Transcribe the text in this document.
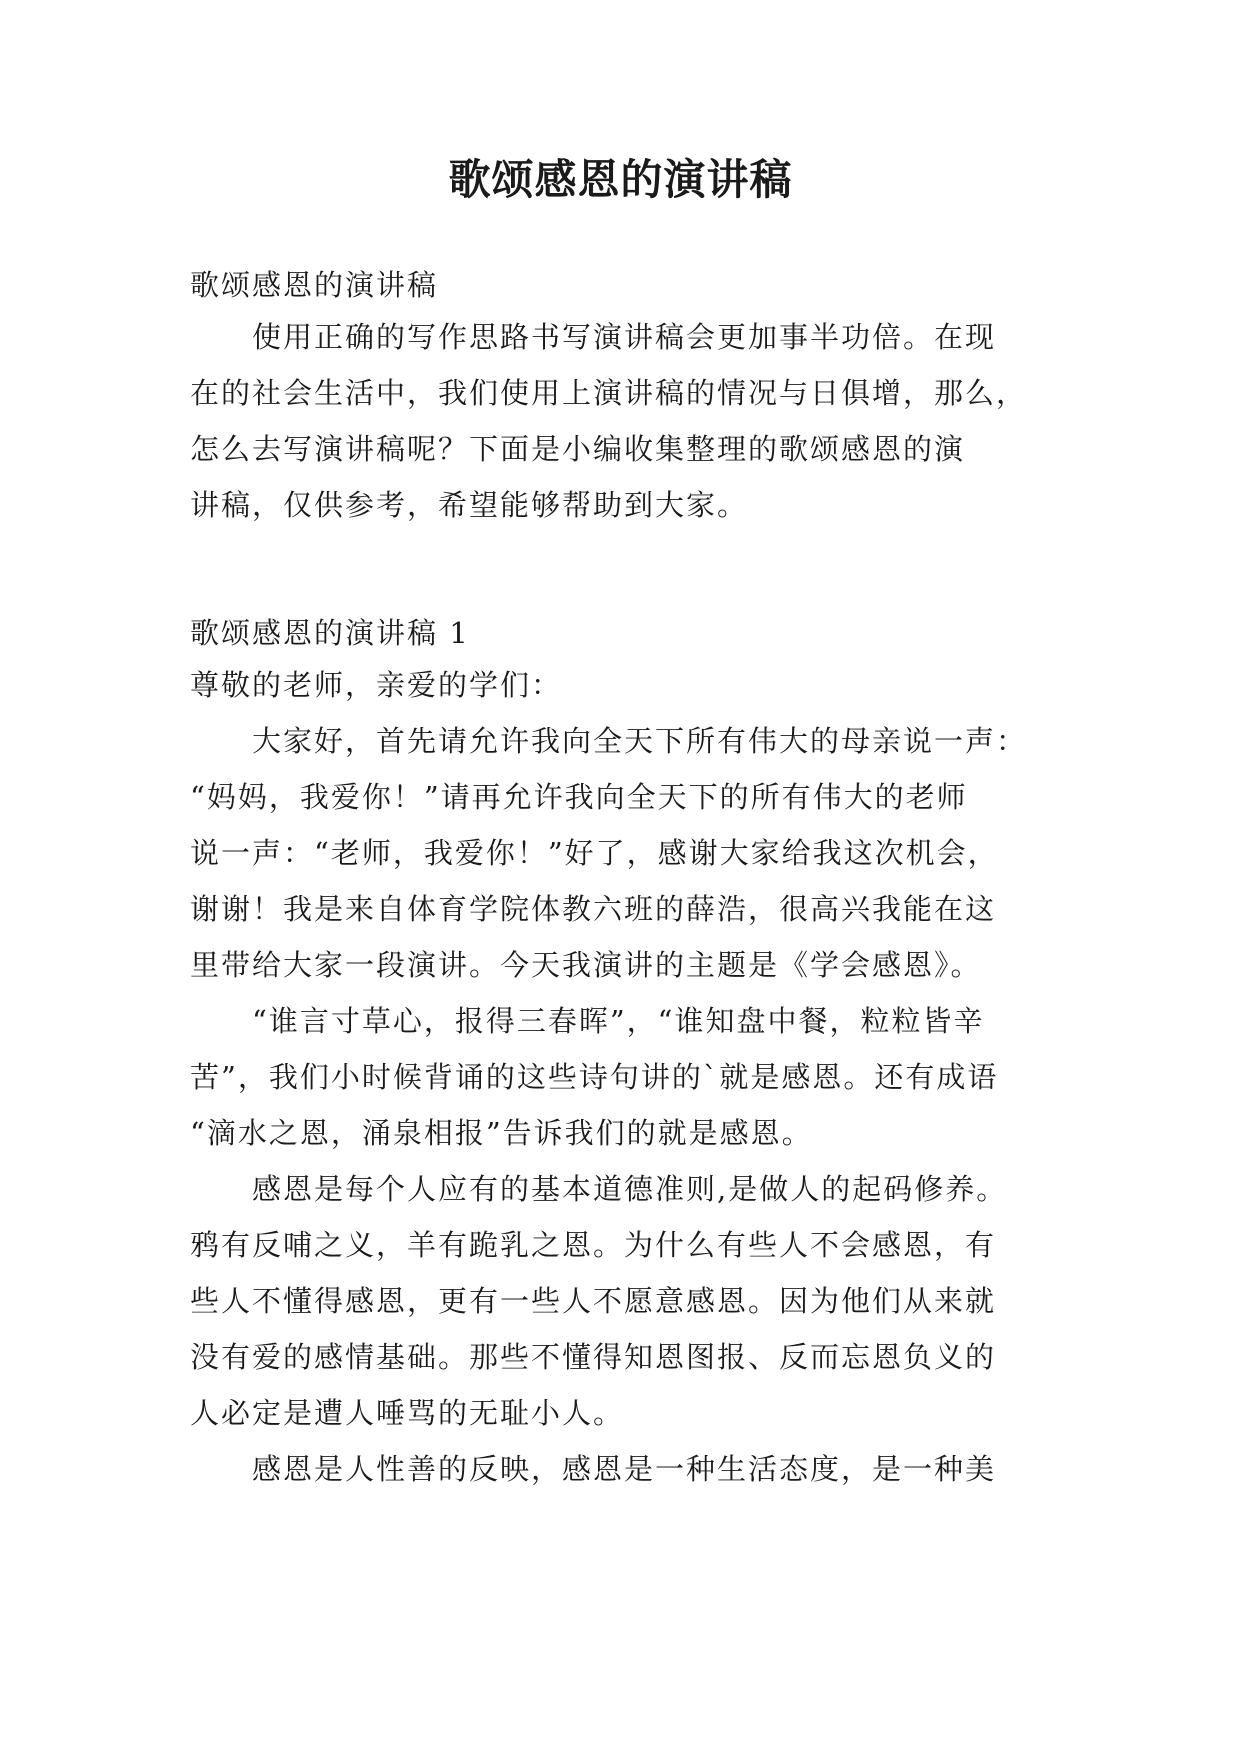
歌颂感恩的演讲稿
歌颂感恩的演讲稿
使用正确的写作思路书写演讲稿会更加事半功倍。在现
在的社会生活中，我们使用上演讲稿的情况与日俱增，那么，
怎么去写演讲稿呢？下面是小编收集整理的歌颂感恩的演
讲稿，仅供参考，希望能够帮助到大家。
歌颂感恩的演讲稿 1
尊敬的老师，亲爱的学们：
大家好，首先请允许我向全天下所有伟大的母亲说一声：
“妈妈，我爱你！”请再允许我向全天下的所有伟大的老师
说一声：“老师，我爱你！”好了，感谢大家给我这次机会，
谢谢！我是来自体育学院体教六班的薛浩，很高兴我能在这
里带给大家一段演讲。今天我演讲的主题是《学会感恩》。
“谁言寸草心，报得三春晖”，“谁知盘中餐，粒粒皆辛
苦”，我们小时候背诵的这些诗句讲的`就是感恩。还有成语
“滴水之恩，涌泉相报”告诉我们的就是感恩。
感恩是每个人应有的基本道德准则,是做人的起码修养。
鸦有反哺之义，羊有跪乳之恩。为什么有些人不会感恩，有
些人不懂得感恩，更有一些人不愿意感恩。因为他们从来就
没有爱的感情基础。那些不懂得知恩图报、反而忘恩负义的
人必定是遭人唾骂的无耻小人。
感恩是人性善的反映，感恩是一种生活态度，是一种美
